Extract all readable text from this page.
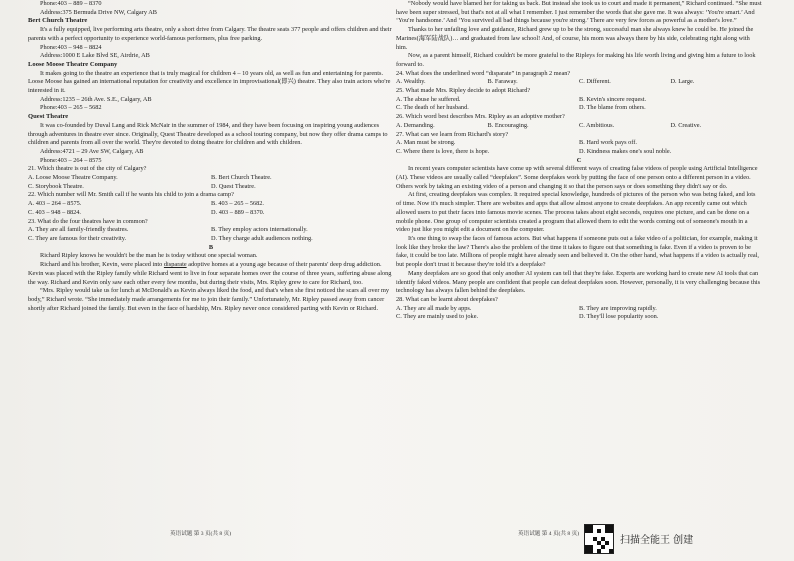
Phone:403 – 889 – 8370

Address:375 Bermuda Drive NW, Calgary AB

Bert Church Theatre

It's a fully equipped, live performing arts theatre, only a short drive from Calgary. The theatre seats 377 people and offers children and their parents with a perfect opportunity to experience world-famous performers, plus free parking.

Phone:403 – 948 – 8824

Address:1000 E Lake Blvd SE, Airdrie, AB

Loose Moose Theatre Company

It makes going to the theatre an experience that is truly magical for children 4 – 10 years old, as well as fun and entertaining for parents. Loose Moose has gained an international reputation for creativity and excellence in improvisational(即兴) theatre. They also train actors who're interested in it.

Address:1235 – 26th Ave. S.E., Calgary, AB

Phone:403 – 265 – 5682

Quest Theatre

It was co-founded by Duval Lang and Rick McNair in the summer of 1984, and they have been focusing on inspiring young audiences through adventures in theatre ever since. Originally, Quest Theatre developed as a school touring company, but now they offer drama camps to children and parents from all over the world. They're devoted to doing theatre for children and with children.

Address:4721 – 29 Ave SW, Calgary, AB

Phone:403 – 264 – 8575

21. Which theatre is out of the city of Calgary?

A. Loose Moose Theatre Company.	B. Bert Church Theatre.
C. Storybook Theatre.	D. Quest Theatre.

22. Which number will Mr. Smith call if he wants his child to join a drama camp?

A. 403 – 264 – 8575.	B. 403 – 265 – 5682.
C. 403 – 948 – 8824.	D. 403 – 889 – 8370.

23. What do the four theatres have in common?

A. They are all family-friendly theatres.	B. They employ actors internationally.
C. They are famous for their creativity.	D. They charge adult audiences nothing.

B

Richard Ripley knows he wouldn't be the man he is today without one special woman.

Richard and his brother, Kevin, were placed into disparate adoptive homes at a young age because of their parents' deep drug addiction. Kevin was placed with the Ripley family while Richard went to live in four separate homes over the course of three years, suffering abuse along the way. Richard and Kevin only saw each other every few months, but during their visits, Mrs. Ripley grew to care for Richard, too.

“Mrs. Ripley would take us for lunch at McDonald's as Kevin always liked the food, and that's when she first noticed the scars all over my body,” Richard wrote. “She immediately made arrangements for me to join their family.” Unfortunately, Mr. Ripley passed away from cancer shortly after Richard joined the family. But even in the face of hardship, Mrs. Ripley never once considered parting with Kevin or Richard.

“Nobody would have blamed her for taking us back. But instead she took us to court and made it permanent,” Richard continued. “She must have been super stressed, but that's not at all what I remember. I just remember the words that she gave me. It was always: ‘You're smart.’ And ‘You're handsome.’ And ‘You survived all bad things because you're strong.’ There are very few forces as powerful as a mother's love.”

Thanks to her unfailing love and guidance, Richard grew up to be the strong, successful man she always knew he could be. He joined the Marines(海军陆战队)… and graduated from law school! And, of course, his mom was always there by his side, celebrating right along with him.

Now, as a parent himself, Richard couldn't be more grateful to the Ripleys for making his life worth living and giving him a future to look forward to.

24. What does the underlined word “disparate” in paragraph 2 mean?

A. Wealthy.	B. Faraway.	C. Different.	D. Large.

25. What made Mrs. Ripley decide to adopt Richard?

A. The abuse he suffered.	B. Kevin's sincere request.
C. The death of her husband.	D. The blame from others.

26. Which word best describes Mrs. Ripley as an adoptive mother?

A. Demanding.	B. Encouraging.	C. Ambitious.	D. Creative.

27. What can we learn from Richard's story?

A. Man must be strong.	B. Hard work pays off.
C. Where there is love, there is hope.	D. Kindness makes one's soul noble.

C

In recent years computer scientists have come up with several different ways of creating false videos of people using Artificial Intelligence (AI). These videos are usually called “deepfakes”. Some deepfakes work by putting the face of one person onto a different person in a video. Others work by taking an existing video of a person and changing it so that the person says or does something they didn't say or do.

At first, creating deepfakes was complex. It required special knowledge, hundreds of pictures of the person who was being faked, and lots of time. Now it's much simpler. There are websites and apps that allow almost anyone to create deepfakes. An app recently came out which allowed users to put their faces into famous movie scenes. The process takes about eight seconds, requires one picture, and can be done on a mobile phone. One group of computer scientists created a program that allowed them to edit the words coming out of someone's mouth in a video just like you might edit a document on the computer.

It's one thing to swap the faces of famous actors. But what happens if someone puts out a fake video of a politician, for example, making it look like they broke the law? There's also the problem of the time it takes to figure out that something is fake. Even if a video is proven to be fake, it could be too late. Millions of people might have already seen and believed it. On the other hand, what happens if a video is actually real, but people don't trust it because they're told it's a deepfake?

Many deepfakes are so good that only another AI system can tell that they're fake. Experts are working hard to create new AI tools that can identify faked videos. Many people are confident that people can defeat deepfakes soon. However, personally, it is very challenging because this technology has always fallen behind the deepfakes.

28. What can be learnt about deepfakes?

A. They are all made by apps.	B. They are improving rapidly.
C. They are mainly used to joke.	D. They'll lose popularity soon.
英语试题 第 3 页(共 8 页)	英语试题 第 4 页(共 8 页)
扫描全能王 创建
